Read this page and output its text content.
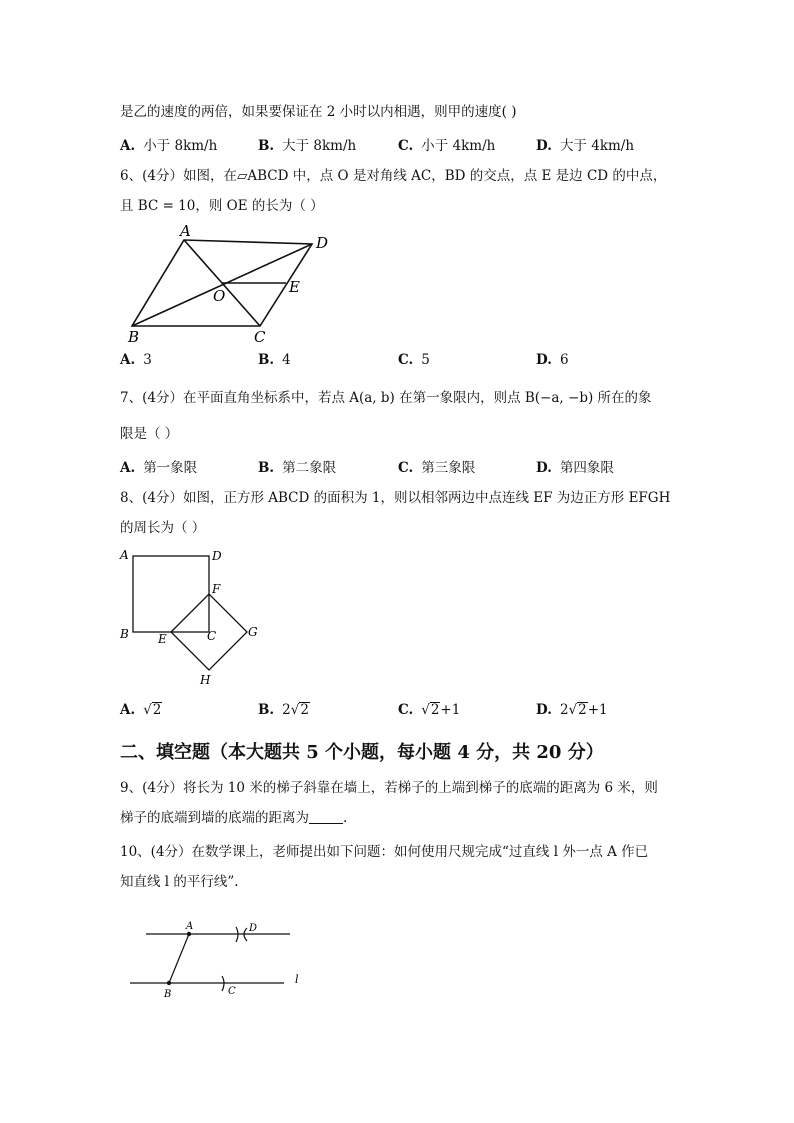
是乙的速度的两倍，如果要保证在 2 小时以内相遇，则甲的速度( )
A. 小于 8km/h	B. 大于 8km/h	C. 小于 4km/h	D. 大于 4km/h
6、(4分）如图，在▱ABCD 中，点 O 是对角线 AC，BD 的交点，点 E 是边 CD 的中点，
且 BC = 10，则 OE 的长为（ ）
A
D
B	C
O	E
A. 3	B. 4	C. 5	D. 6
7、(4分）在平面直角坐标系中，若点 A(a, b) 在第一象限内，则点 B(−a, −b) 所在的象
限是（ ）
A. 第一象限	B. 第二象限	C. 第三象限	D. 第四象限
8、(4分）如图，正方形 ABCD 的面积为 1，则以相邻两边中点连线 EF 为边正方形 EFGH
的周长为（ ）
A	D
B	C
E
F
G
H
A. √2	B. 2√2	C. √2+1	D. 2√2+1
二、填空题（本大题共 5 个小题，每小题 4 分，共 20 分）
9、(4分）将长为 10 米的梯子斜靠在墙上，若梯子的上端到梯子的底端的距离为 6 米，则
梯子的底端到墙的底端的距离为	.
10、(4分）在数学课上，老师提出如下问题：如何使用尺规完成“过直线 l 外一点 A 作已
知直线 l 的平行线”.
A	D
B	C
l
